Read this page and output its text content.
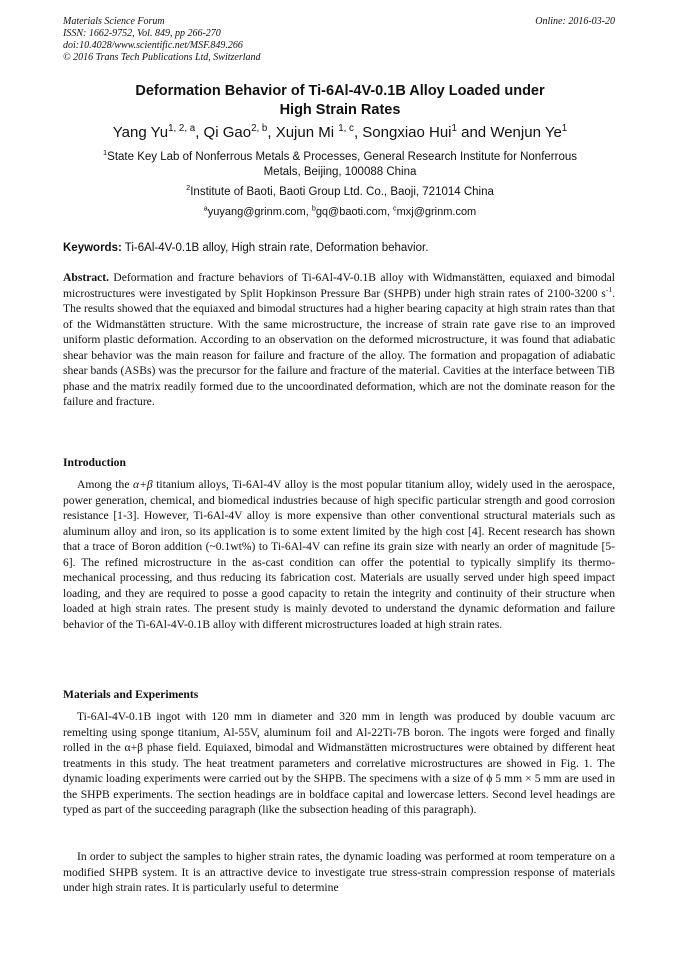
Materials Science Forum
ISSN: 1662-9752, Vol. 849, pp 266-270
doi:10.4028/www.scientific.net/MSF.849.266
© 2016 Trans Tech Publications Ltd, Switzerland
Online: 2016-03-20
Deformation Behavior of Ti-6Al-4V-0.1B Alloy Loaded under
High Strain Rates
Yang Yu$^{1, 2, a}$, Qi Gao$^{2, b}$, Xujun Mi $^{1, c}$, Songxiao Hui$^1$ and Wenjun Ye$^1$
$^1$State Key Lab of Nonferrous Metals & Processes, General Research Institute for Nonferrous
Metals, Beijing, 100088 China
$^2$Institute of Baoti, Baoti Group Ltd. Co., Baoji, 721014 China
$^a$yuyang@grinm.com, $^b$gq@baoti.com, $^c$mxj@grinm.com
Keywords: Ti-6Al-4V-0.1B alloy, High strain rate, Deformation behavior.

Abstract. Deformation and fracture behaviors of Ti-6Al-4V-0.1B alloy with Widmanstätten, equiaxed and bimodal microstructures were investigated by Split Hopkinson Pressure Bar (SHPB) under high strain rates of 2100-3200 $s^{-1}$. The results showed that the equiaxed and bimodal structures had a higher bearing capacity at high strain rates than that of the Widmanstätten structure. With the same microstructure, the increase of strain rate gave rise to an improved uniform plastic deformation. According to an observation on the deformed microstructure, it was found that adiabatic shear behavior was the main reason for failure and fracture of the alloy. The formation and propagation of adiabatic shear bands (ASBs) was the precursor for the failure and fracture of the material. Cavities at the interface between TiB phase and the matrix readily formed due to the uncoordinated deformation, which are not the dominate reason for the failure and fracture.

Introduction

Among the α+β titanium alloys, Ti-6Al-4V alloy is the most popular titanium alloy, widely used in the aerospace, power generation, chemical, and biomedical industries because of high specific particular strength and good corrosion resistance [1-3]. However, Ti-6Al-4V alloy is more expensive than other conventional structural materials such as aluminum alloy and iron, so its application is to some extent limited by the high cost [4]. Recent research has shown that a trace of Boron addition (~0.1wt%) to Ti-6Al-4V can refine its grain size with nearly an order of magnitude [5-6]. The refined microstructure in the as-cast condition can offer the potential to typically simplify its thermo-mechanical processing, and thus reducing its fabrication cost. Materials are usually served under high speed impact loading, and they are required to posse a good capacity to retain the integrity and continuity of their structure when loaded at high strain rates. The present study is mainly devoted to understand the dynamic deformation and failure behavior of the Ti-6Al-4V-0.1B alloy with different microstructures loaded at high strain rates.

Materials and Experiments

Ti-6Al-4V-0.1B ingot with 120 mm in diameter and 320 mm in length was produced by double vacuum arc remelting using sponge titanium, Al-55V, aluminum foil and Al-22Ti-7B boron. The ingots were forged and finally rolled in the α+β phase field. Equiaxed, bimodal and Widmanstätten microstructures were obtained by different heat treatments in this study. The heat treatment parameters and correlative microstructures are showed in Fig. 1. The dynamic loading experiments were carried out by the SHPB. The specimens with a size of ϕ 5 mm × 5 mm are used in the SHPB experiments. The section headings are in boldface capital and lowercase letters. Second level headings are typed as part of the succeeding paragraph (like the subsection heading of this paragraph).

In order to subject the samples to higher strain rates, the dynamic loading was performed at room temperature on a modified SHPB system. It is an attractive device to investigate true stress-strain compression response of materials under high strain rates. It is particularly useful to determine
